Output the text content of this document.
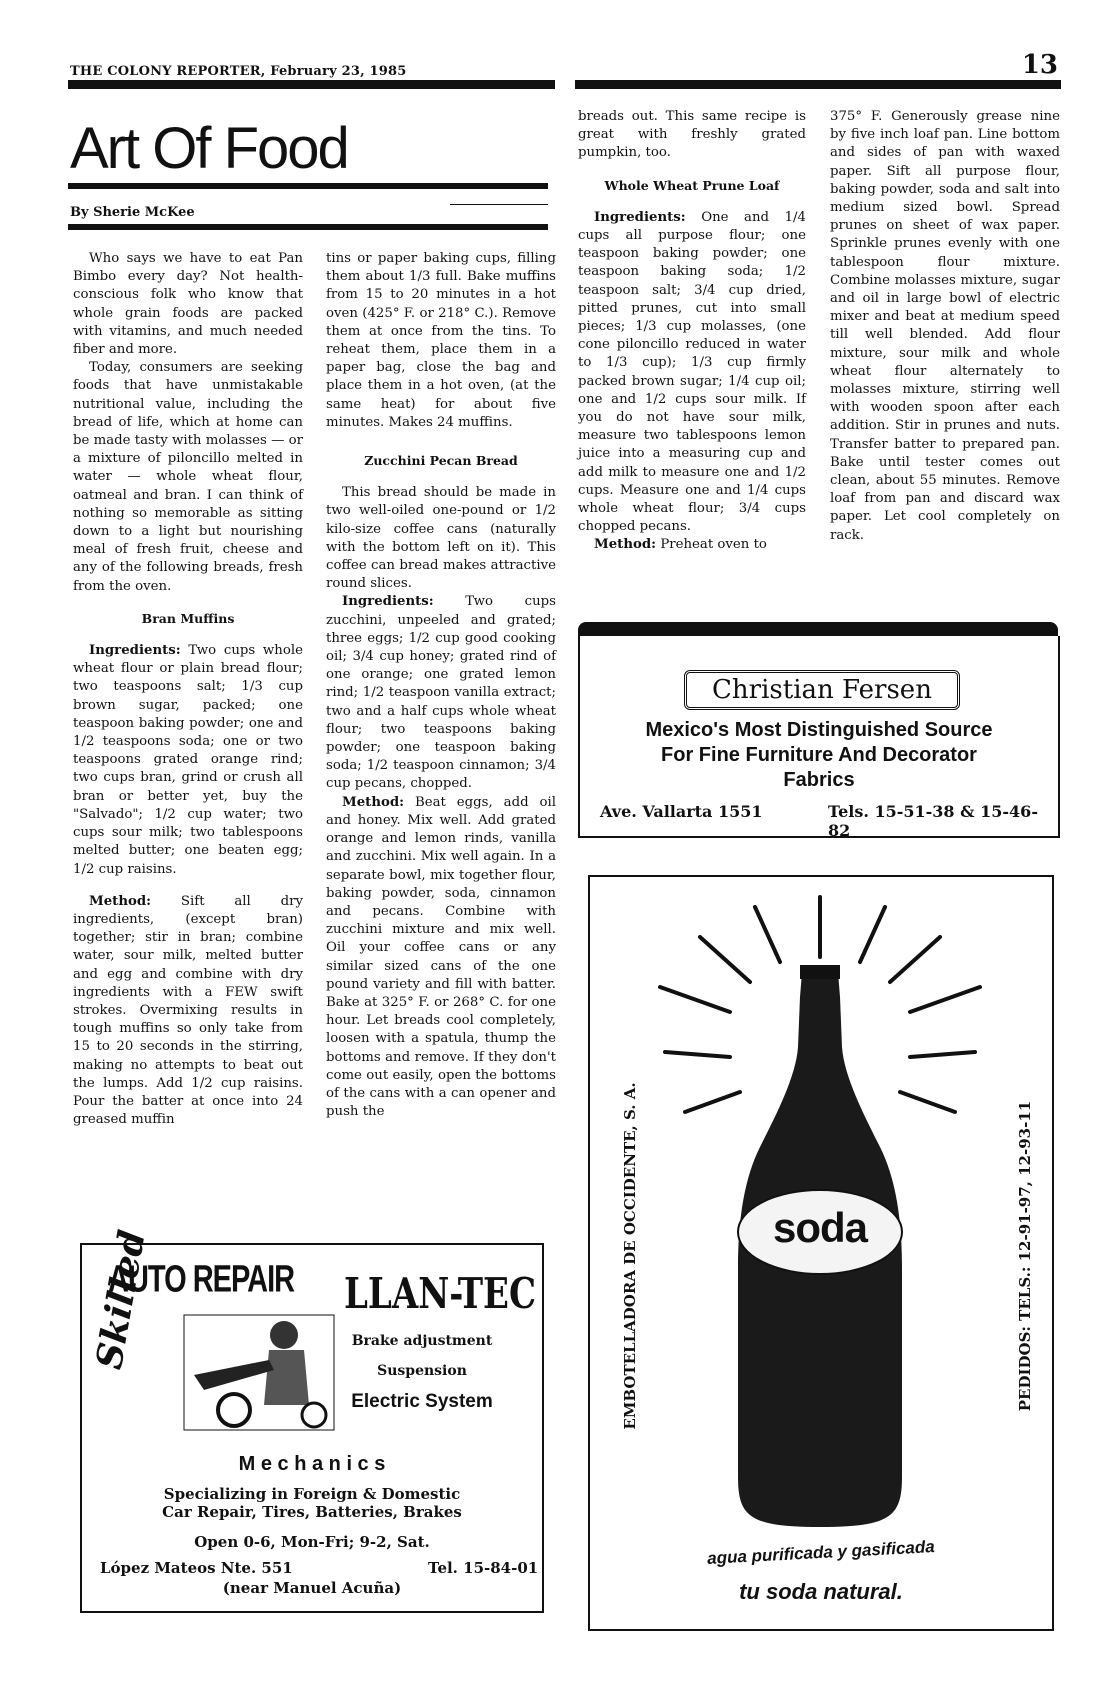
THE COLONY REPORTER, February 23, 1985	13
Art Of Food
By Sherie McKee

Who says we have to eat Pan Bimbo every day? Not health-conscious folk who know that whole grain foods are packed with vitamins, and much needed fiber and more.

Today, consumers are seeking foods that have unmistakable nutritional value, including the bread of life, which at home can be made tasty with molasses — or a mixture of piloncillo melted in water — whole wheat flour, oatmeal and bran. I can think of nothing so memorable as sitting down to a light but nourishing meal of fresh fruit, cheese and any of the following breads, fresh from the oven.

Bran Muffins

Ingredients: Two cups whole wheat flour or plain bread flour; two teaspoons salt; 1/3 cup brown sugar, packed; one teaspoon baking powder; one and 1/2 teaspoons soda; one or two teaspoons grated orange rind; two cups bran, grind or crush all bran or better yet, buy the "Salvado"; 1/2 cup water; two cups sour milk; two tablespoons melted butter; one beaten egg; 1/2 cup raisins.

Method: Sift all dry ingredients, (except bran) together; stir in bran; combine water, sour milk, melted butter and egg and combine with dry ingredients with a FEW swift strokes. Overmixing results in tough muffins so only take from 15 to 20 seconds in the stirring, making no attempts to beat out the lumps. Add 1/2 cup raisins. Pour the batter at once into 24 greased muffin

tins or paper baking cups, filling them about 1/3 full. Bake muffins from 15 to 20 minutes in a hot oven (425° F. or 218° C.). Remove them at once from the tins. To reheat them, place them in a paper bag, close the bag and place them in a hot oven, (at the same heat) for about five minutes. Makes 24 muffins.

Zucchini Pecan Bread

This bread should be made in two well-oiled one-pound or 1/2 kilo-size coffee cans (naturally with the bottom left on it). This coffee can bread makes attractive round slices.

Ingredients: Two cups zucchini, unpeeled and grated; three eggs; 1/2 cup good cooking oil; 3/4 cup honey; grated rind of one orange; one grated lemon rind; 1/2 teaspoon vanilla extract; two and a half cups whole wheat flour; two teaspoons baking powder; one teaspoon baking soda; 1/2 teaspoon cinnamon; 3/4 cup pecans, chopped.

Method: Beat eggs, add oil and honey. Mix well. Add grated orange and lemon rinds, vanilla and zucchini. Mix well again. In a separate bowl, mix together flour, baking powder, soda, cinnamon and pecans. Combine with zucchini mixture and mix well. Oil your coffee cans or any similar sized cans of the one pound variety and fill with batter. Bake at 325° F. or 268° C. for one hour. Let breads cool completely, loosen with a spatula, thump the bottoms and remove. If they don't come out easily, open the bottoms of the cans with a can opener and push the

breads out. This same recipe is great with freshly grated pumpkin, too.

Whole Wheat Prune Loaf

Ingredients: One and 1/4 cups all purpose flour; one teaspoon baking powder; one teaspoon baking soda; 1/2 teaspoon salt; 3/4 cup dried, pitted prunes, cut into small pieces; 1/3 cup molasses, (one cone piloncillo reduced in water to 1/3 cup); 1/3 cup firmly packed brown sugar; 1/4 cup oil; one and 1/2 cups sour milk. If you do not have sour milk, measure two tablespoons lemon juice into a measuring cup and add milk to measure one and 1/2 cups. Measure one and 1/4 cups whole wheat flour; 3/4 cups chopped pecans.

Method: Preheat oven to

375° F. Generously grease nine by five inch loaf pan. Line bottom and sides of pan with waxed paper. Sift all purpose flour, baking powder, soda and salt into medium sized bowl. Spread prunes on sheet of wax paper. Sprinkle prunes evenly with one tablespoon flour mixture. Combine molasses mixture, sugar and oil in large bowl of electric mixer and beat at medium speed till well blended. Add flour mixture, sour milk and whole wheat flour alternately to molasses mixture, stirring well with wooden spoon after each addition. Stir in prunes and nuts. Transfer batter to prepared pan. Bake until tester comes out clean, about 55 minutes. Remove loaf from pan and discard wax paper. Let cool completely on rack.

Christian Fersen
Mexico's Most Distinguished Source
For Fine Furniture And Decorator
Fabrics
Ave. Vallarta 1551	Tels. 15-51-38 & 15-46-82
soda
EMBOTELLADORA DE OCCIDENTE, S. A.	PEDIDOS: TELS.: 12-91-97, 12-93-11
agua purificada y gasificada
tu soda natural.
AUTO REPAIR
Skilled	LLAN-TEC
Brake adjustment
Suspension
Electric System
M e c h a n i c s
Specializing in Foreign & Domestic
Car Repair, Tires, Batteries, Brakes
Open 0-6, Mon-Fri; 9-2, Sat.
López Mateos Nte. 551	Tel. 15-84-01
(near Manuel Acuña)
